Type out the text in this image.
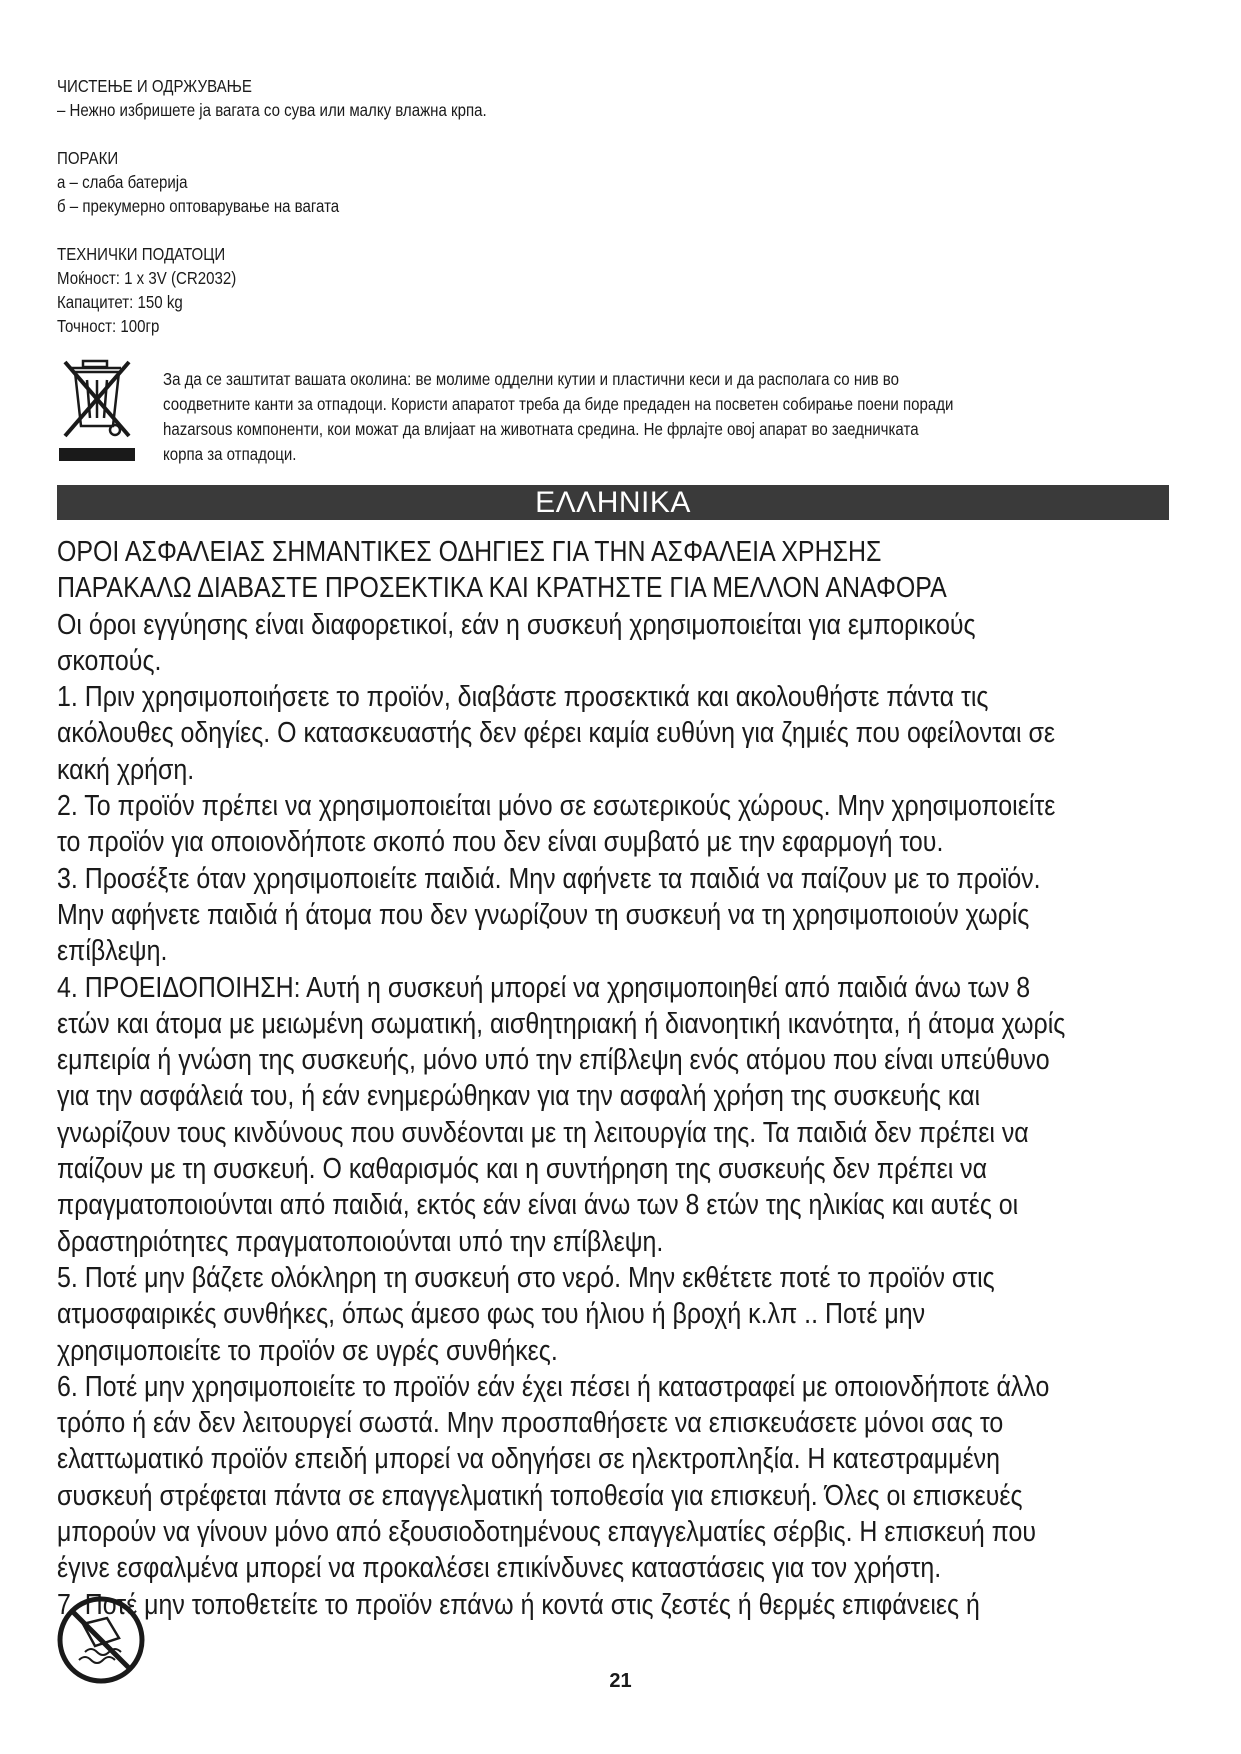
ЧИСТЕЊЕ И ОДРЖУВАЊЕ
– Нежно избришете ја вагата со сува или малку влажна крпа.
ПОРАКИ
а – слаба батерија
б – прекумерно оптоварување на вагата
ТЕХНИЧКИ ПОДАТОЦИ
Моќност: 1 x 3V (CR2032)
Капацитет: 150 kg
Точност: 100гр
За да се заштитат вашата околина: ве молиме одделни кутии и пластични кеси и да располага со нив во
соодветните канти за отпадоци. Користи апаратот треба да биде предаден на посветен собирање поени поради
hazarsous компоненти, кои можат да влијаат на животната средина. Не фрлајте овој апарат во заедничката
корпа за отпадоци.
ΕΛΛΗΝΙΚΑ
ΟΡΟΙ ΑΣΦΑΛΕΙΑΣ ΣΗΜΑΝΤΙΚΕΣ ΟΔΗΓΙΕΣ ΓΙΑ ΤΗΝ ΑΣΦΑΛΕΙΑ ΧΡΗΣΗΣ
ΠΑΡΑΚΑΛΩ ΔΙΑΒΑΣΤΕ ΠΡΟΣΕΚΤΙΚΑ ΚΑΙ ΚΡΑΤΗΣΤΕ ΓΙΑ ΜΕΛΛΟΝ ΑΝΑΦΟΡΑ
Οι όροι εγγύησης είναι διαφορετικοί, εάν η συσκευή χρησιμοποιείται για εμπορικούς
σκοπούς.
1. Πριν χρησιμοποιήσετε το προϊόν, διαβάστε προσεκτικά και ακολουθήστε πάντα τις
ακόλουθες οδηγίες. Ο κατασκευαστής δεν φέρει καμία ευθύνη για ζημιές που οφείλονται σε
κακή χρήση.
2. Το προϊόν πρέπει να χρησιμοποιείται μόνο σε εσωτερικούς χώρους. Μην χρησιμοποιείτε
το προϊόν για οποιονδήποτε σκοπό που δεν είναι συμβατό με την εφαρμογή του.
3. Προσέξτε όταν χρησιμοποιείτε παιδιά. Μην αφήνετε τα παιδιά να παίζουν με το προϊόν.
Μην αφήνετε παιδιά ή άτομα που δεν γνωρίζουν τη συσκευή να τη χρησιμοποιούν χωρίς
επίβλεψη.
4. ΠΡΟΕΙΔΟΠΟΙΗΣΗ: Αυτή η συσκευή μπορεί να χρησιμοποιηθεί από παιδιά άνω των 8
ετών και άτομα με μειωμένη σωματική, αισθητηριακή ή διανοητική ικανότητα, ή άτομα χωρίς
εμπειρία ή γνώση της συσκευής, μόνο υπό την επίβλεψη ενός ατόμου που είναι υπεύθυνο
για την ασφάλειά του, ή εάν ενημερώθηκαν για την ασφαλή χρήση της συσκευής και
γνωρίζουν τους κινδύνους που συνδέονται με τη λειτουργία της. Τα παιδιά δεν πρέπει να
παίζουν με τη συσκευή. Ο καθαρισμός και η συντήρηση της συσκευής δεν πρέπει να
πραγματοποιούνται από παιδιά, εκτός εάν είναι άνω των 8 ετών της ηλικίας και αυτές οι
δραστηριότητες πραγματοποιούνται υπό την επίβλεψη.
5. Ποτέ μην βάζετε ολόκληρη τη συσκευή στο νερό. Μην εκθέτετε ποτέ το προϊόν στις
ατμοσφαιρικές συνθήκες, όπως άμεσο φως του ήλιου ή βροχή κ.λπ .. Ποτέ μην
χρησιμοποιείτε το προϊόν σε υγρές συνθήκες.
6. Ποτέ μην χρησιμοποιείτε το προϊόν εάν έχει πέσει ή καταστραφεί με οποιονδήποτε άλλο
τρόπο ή εάν δεν λειτουργεί σωστά. Μην προσπαθήσετε να επισκευάσετε μόνοι σας το
ελαττωματικό προϊόν επειδή μπορεί να οδηγήσει σε ηλεκτροπληξία. Η κατεστραμμένη
συσκευή στρέφεται πάντα σε επαγγελματική τοποθεσία για επισκευή. Όλες οι επισκευές
μπορούν να γίνουν μόνο από εξουσιοδοτημένους επαγγελματίες σέρβις. Η επισκευή που
έγινε εσφαλμένα μπορεί να προκαλέσει επικίνδυνες καταστάσεις για τον χρήστη.
7. Ποτέ μην τοποθετείτε το προϊόν επάνω ή κοντά στις ζεστές ή θερμές επιφάνειες ή
21
